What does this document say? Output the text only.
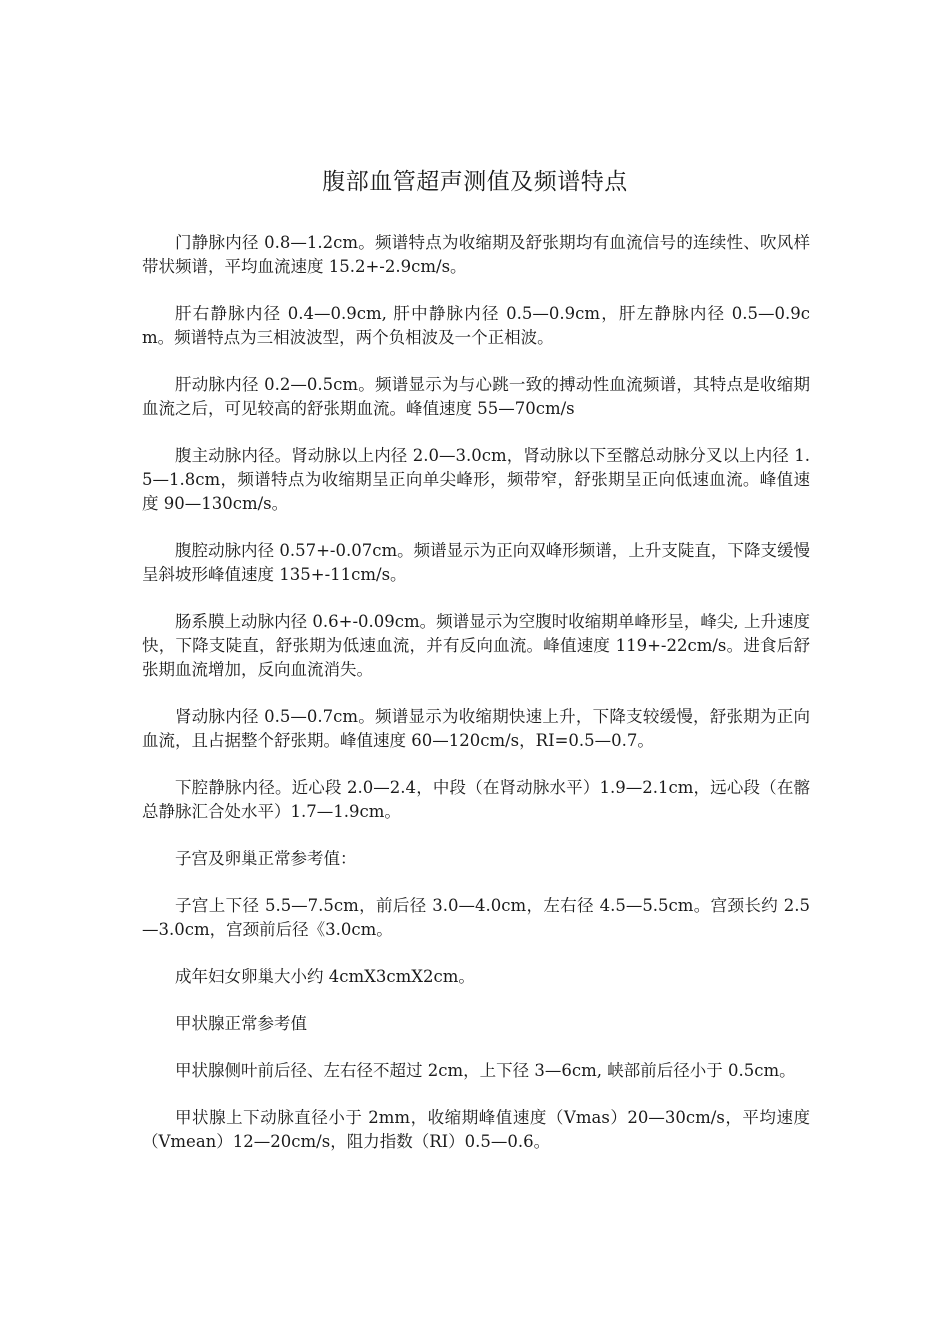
腹部血管超声测值及频谱特点

门静脉内径 0.8—1.2cm。频谱特点为收缩期及舒张期均有血流信号的连续性、吹风样带状频谱，平均血流速度 15.2+-2.9cm/s。

肝右静脉内径 0.4—0.9cm, 肝中静脉内径 0.5—0.9cm，肝左静脉内径 0.5—0.9cm。频谱特点为三相波波型，两个负相波及一个正相波。

肝动脉内径 0.2—0.5cm。频谱显示为与心跳一致的搏动性血流频谱，其特点是收缩期血流之后，可见较高的舒张期血流。峰值速度 55—70cm/s

腹主动脉内径。肾动脉以上内径 2.0—3.0cm，肾动脉以下至髂总动脉分叉以上内径 1.5—1.8cm，频谱特点为收缩期呈正向单尖峰形，频带窄，舒张期呈正向低速血流。峰值速度 90—130cm/s。

腹腔动脉内径 0.57+-0.07cm。频谱显示为正向双峰形频谱，上升支陡直，下降支缓慢呈斜坡形峰值速度 135+-11cm/s。

肠系膜上动脉内径 0.6+-0.09cm。频谱显示为空腹时收缩期单峰形呈，峰尖, 上升速度快，下降支陡直，舒张期为低速血流，并有反向血流。峰值速度 119+-22cm/s。进食后舒张期血流增加，反向血流消失。

肾动脉内径 0.5—0.7cm。频谱显示为收缩期快速上升，下降支较缓慢，舒张期为正向血流，且占据整个舒张期。峰值速度 60—120cm/s，RI=0.5—0.7。

下腔静脉内径。近心段 2.0—2.4，中段（在肾动脉水平）1.9—2.1cm，远心段（在髂总静脉汇合处水平）1.7—1.9cm。

子宫及卵巢正常参考值：

子宫上下径 5.5—7.5cm，前后径 3.0—4.0cm，左右径 4.5—5.5cm。宫颈长约 2.5—3.0cm，宫颈前后径《3.0cm。

成年妇女卵巢大小约 4cmX3cmX2cm。

甲状腺正常参考值

甲状腺侧叶前后径、左右径不超过 2cm，上下径 3—6cm, 峡部前后径小于 0.5cm。

甲状腺上下动脉直径小于 2mm，收缩期峰值速度（Vmas）20—30cm/s，平均速度（Vmean）12—20cm/s，阻力指数（RI）0.5—0.6。
